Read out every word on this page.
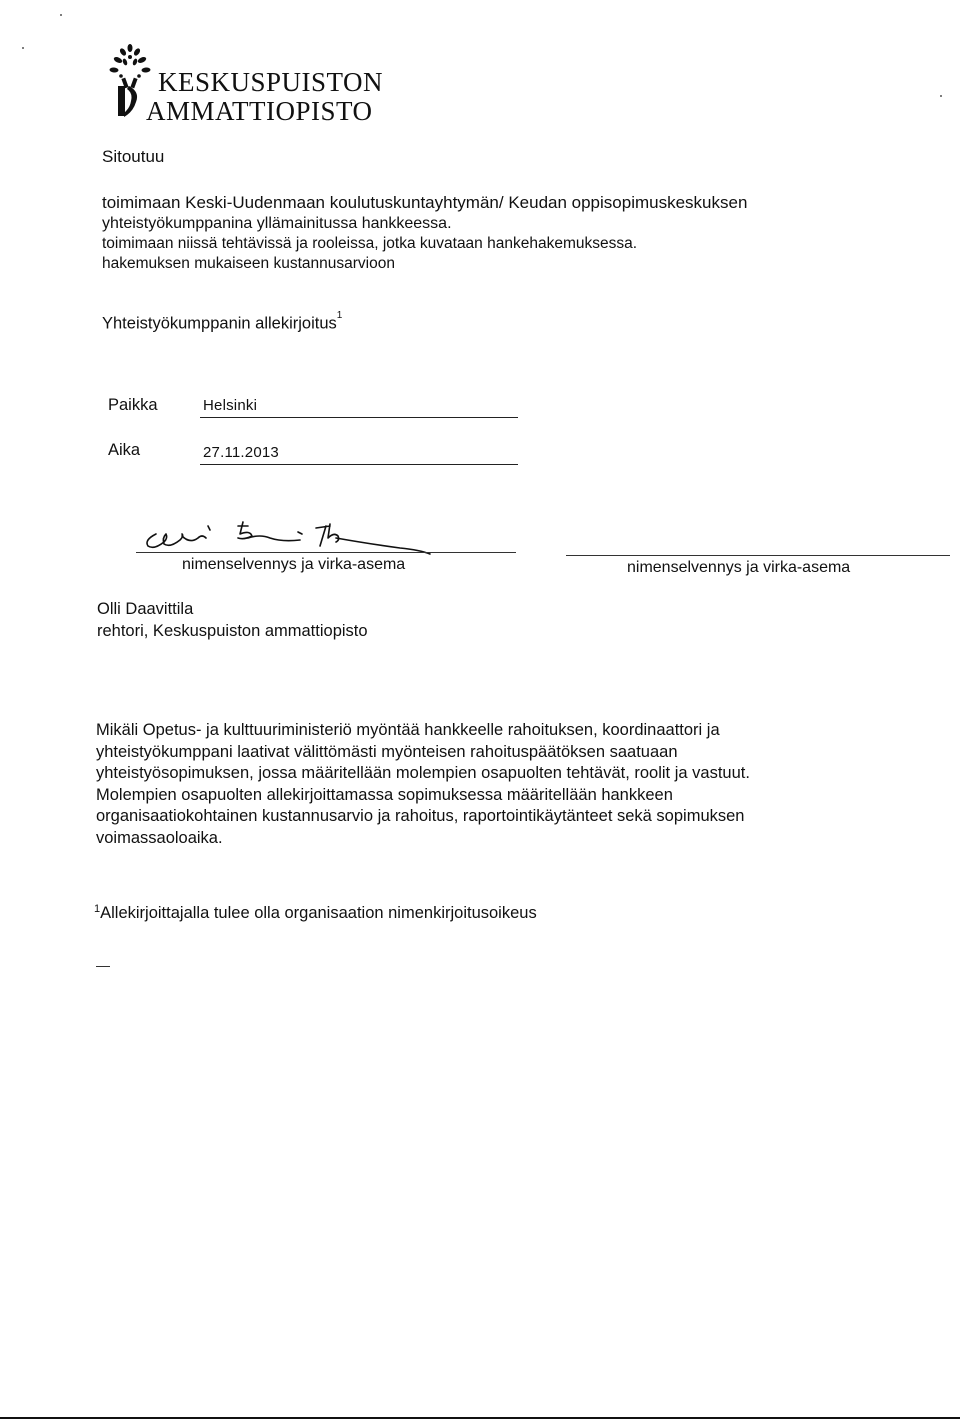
KESKUSPUISTON
AMMATTIOPISTO
Sitoutuu
toimimaan Keski-Uudenmaan koulutuskuntayhtymän/ Keudan oppisopimuskeskuksen
yhteistyökumppanina yllämainitussa hankkeessa.
toimimaan niissä tehtävissä ja rooleissa, jotka kuvataan hankehakemuksessa.
hakemuksen mukaiseen kustannusarvioon
Yhteistyökumppanin allekirjoitus$^1$
Paikka	Helsinki
Aika	27.11.2013
nimenselvennys ja virka-asema	nimenselvennys ja virka-asema
Olli Daavittila
rehtori, Keskuspuiston ammattiopisto
Mikäli Opetus- ja kulttuuriministeriö myöntää hankkeelle rahoituksen, koordinaattori ja
yhteistyökumppani laativat välittömästi myönteisen rahoituspäätöksen saatuaan
yhteistyösopimuksen, jossa määritellään molempien osapuolten tehtävät, roolit ja vastuut.
Molempien osapuolten allekirjoittamassa sopimuksessa määritellään hankkeen
organisaatiokohtainen kustannusarvio ja rahoitus, raportointikäytänteet sekä sopimuksen
voimassaoloaika.
$^1$Allekirjoittajalla tulee olla organisaation nimenkirjoitusoikeus
